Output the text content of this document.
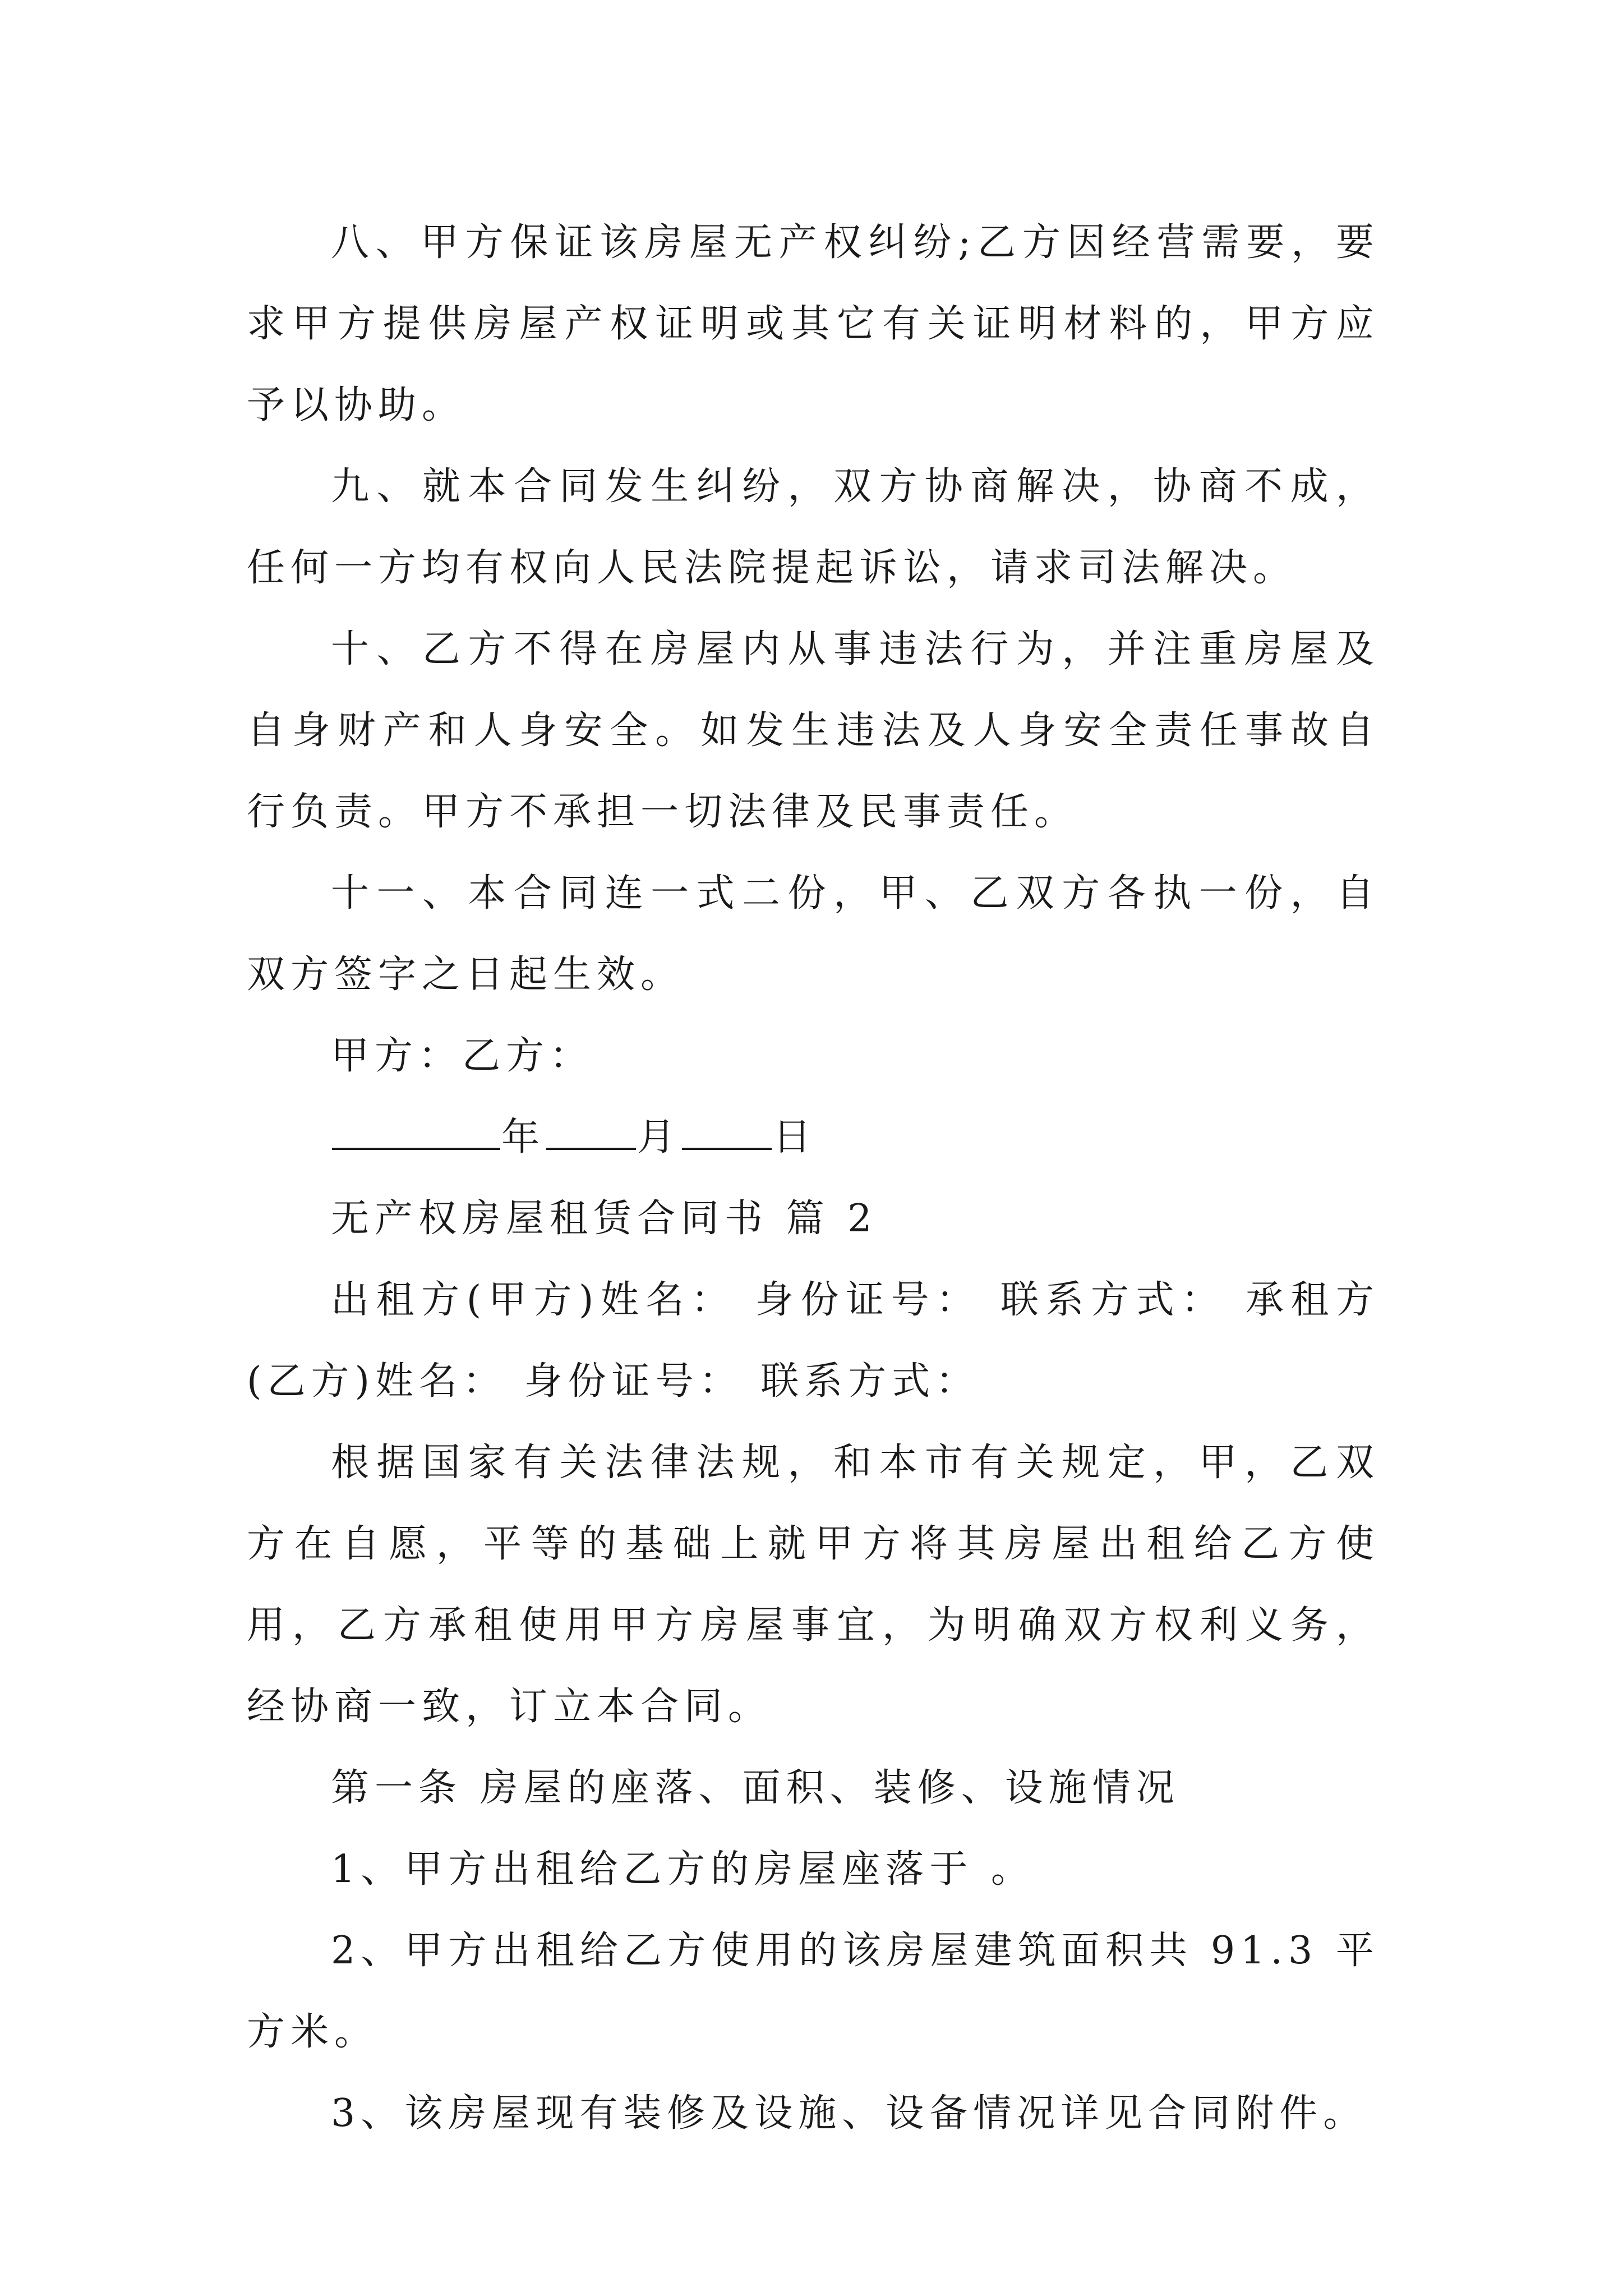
八、甲方保证该房屋无产权纠纷;乙方因经营需要，要求甲方提供房屋产权证明或其它有关证明材料的，甲方应予以协助。

九、就本合同发生纠纷，双方协商解决，协商不成，任何一方均有权向人民法院提起诉讼，请求司法解决。

十、乙方不得在房屋内从事违法行为，并注重房屋及自身财产和人身安全。如发生违法及人身安全责任事故自行负责。甲方不承担一切法律及民事责任。

十一、本合同连一式二份，甲、乙双方各执一份，自双方签字之日起生效。

甲方：乙方：

年 月 日

无产权房屋租赁合同书 篇 2

出租方(甲方)姓名： 身份证号： 联系方式： 承租方(乙方)姓名： 身份证号： 联系方式：

根据国家有关法律法规，和本市有关规定，甲，乙双方在自愿，平等的基础上就甲方将其房屋出租给乙方使用，乙方承租使用甲方房屋事宜，为明确双方权利义务，经协商一致，订立本合同。

第一条 房屋的座落、面积、装修、设施情况

1、甲方出租给乙方的房屋座落于 。

2、甲方出租给乙方使用的该房屋建筑面积共 91.3 平方米。

3、该房屋现有装修及设施、设备情况详见合同附件。
